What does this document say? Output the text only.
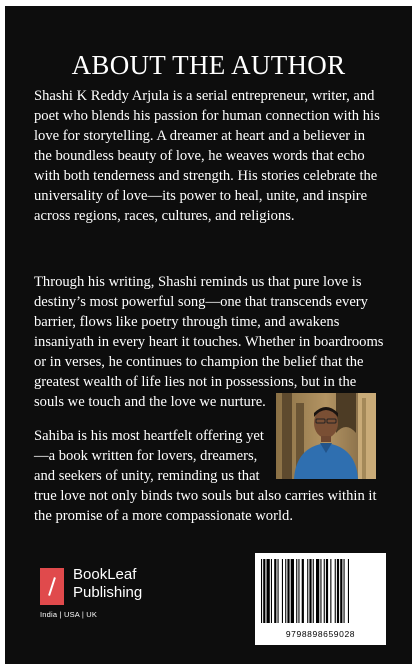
ABOUT THE AUTHOR

Shashi K Reddy Arjula is a serial entrepreneur, writer, and poet who blends his passion for human connection with his love for storytelling. A dreamer at heart and a believer in the boundless beauty of love, he weaves words that echo with both tenderness and strength. His stories celebrate the universality of love—its power to heal, unite, and inspire across regions, races, cultures, and religions.

Through his writing, Shashi reminds us that pure love is destiny’s most powerful song—one that transcends every barrier, flows like poetry through time, and awakens insaniyath in every heart it touches. Whether in boardrooms or in verses, he continues to champion the belief that the greatest wealth of life lies not in possessions, but in the souls we touch and the love we nurture.

Sahiba is his most heartfelt offering yet—a book written for lovers, dreamers, and seekers of unity, reminding us that true love not only binds two souls but also carries within it the promise of a more compassionate world.

BookLeaf
Publishing
India | USA | UK
9798898659028
